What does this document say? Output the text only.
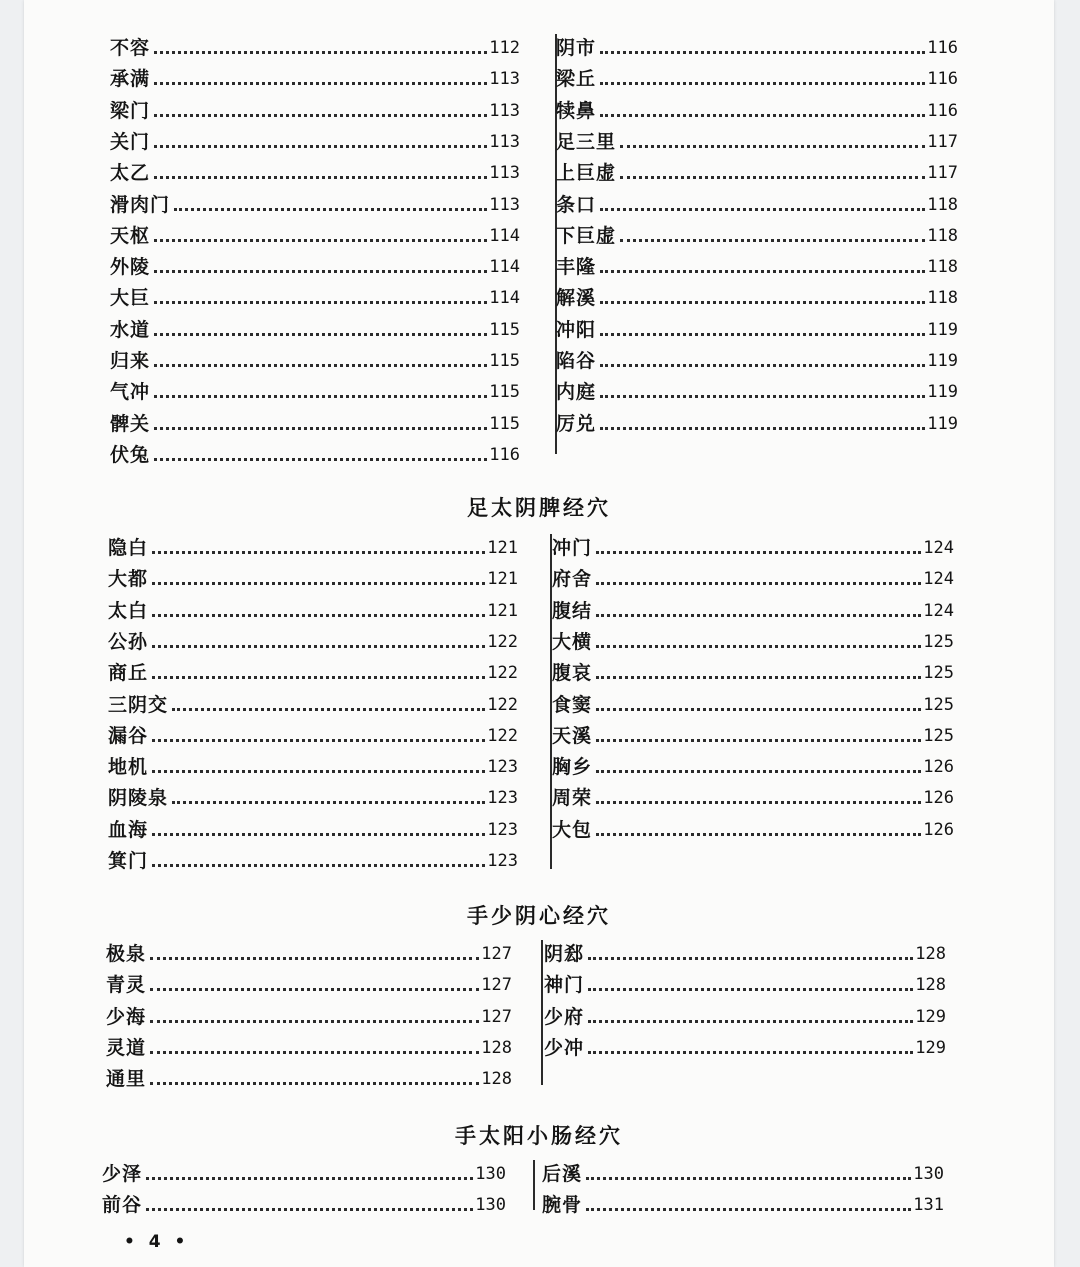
不容	112
承满	113
梁门	113
关门	113
太乙	113
滑肉门	113
天枢	114
外陵	114
大巨	114
水道	115
归来	115
气冲	115
髀关	115
伏兔	116
阴市	116
梁丘	116
犊鼻	116
足三里	117
上巨虚	117
条口	118
下巨虚	118
丰隆	118
解溪	118
冲阳	119
陷谷	119
内庭	119
厉兑	119
足太阴脾经穴
隐白	121
大都	121
太白	121
公孙	122
商丘	122
三阴交	122
漏谷	122
地机	123
阴陵泉	123
血海	123
箕门	123
冲门	124
府舍	124
腹结	124
大横	125
腹哀	125
食窦	125
天溪	125
胸乡	126
周荣	126
大包	126
手少阴心经穴
极泉	127
青灵	127
少海	127
灵道	128
通里	128
阴郄	128
神门	128
少府	129
少冲	129
手太阳小肠经穴
少泽	130
前谷	130
后溪	130
腕骨	131
• 4 •
